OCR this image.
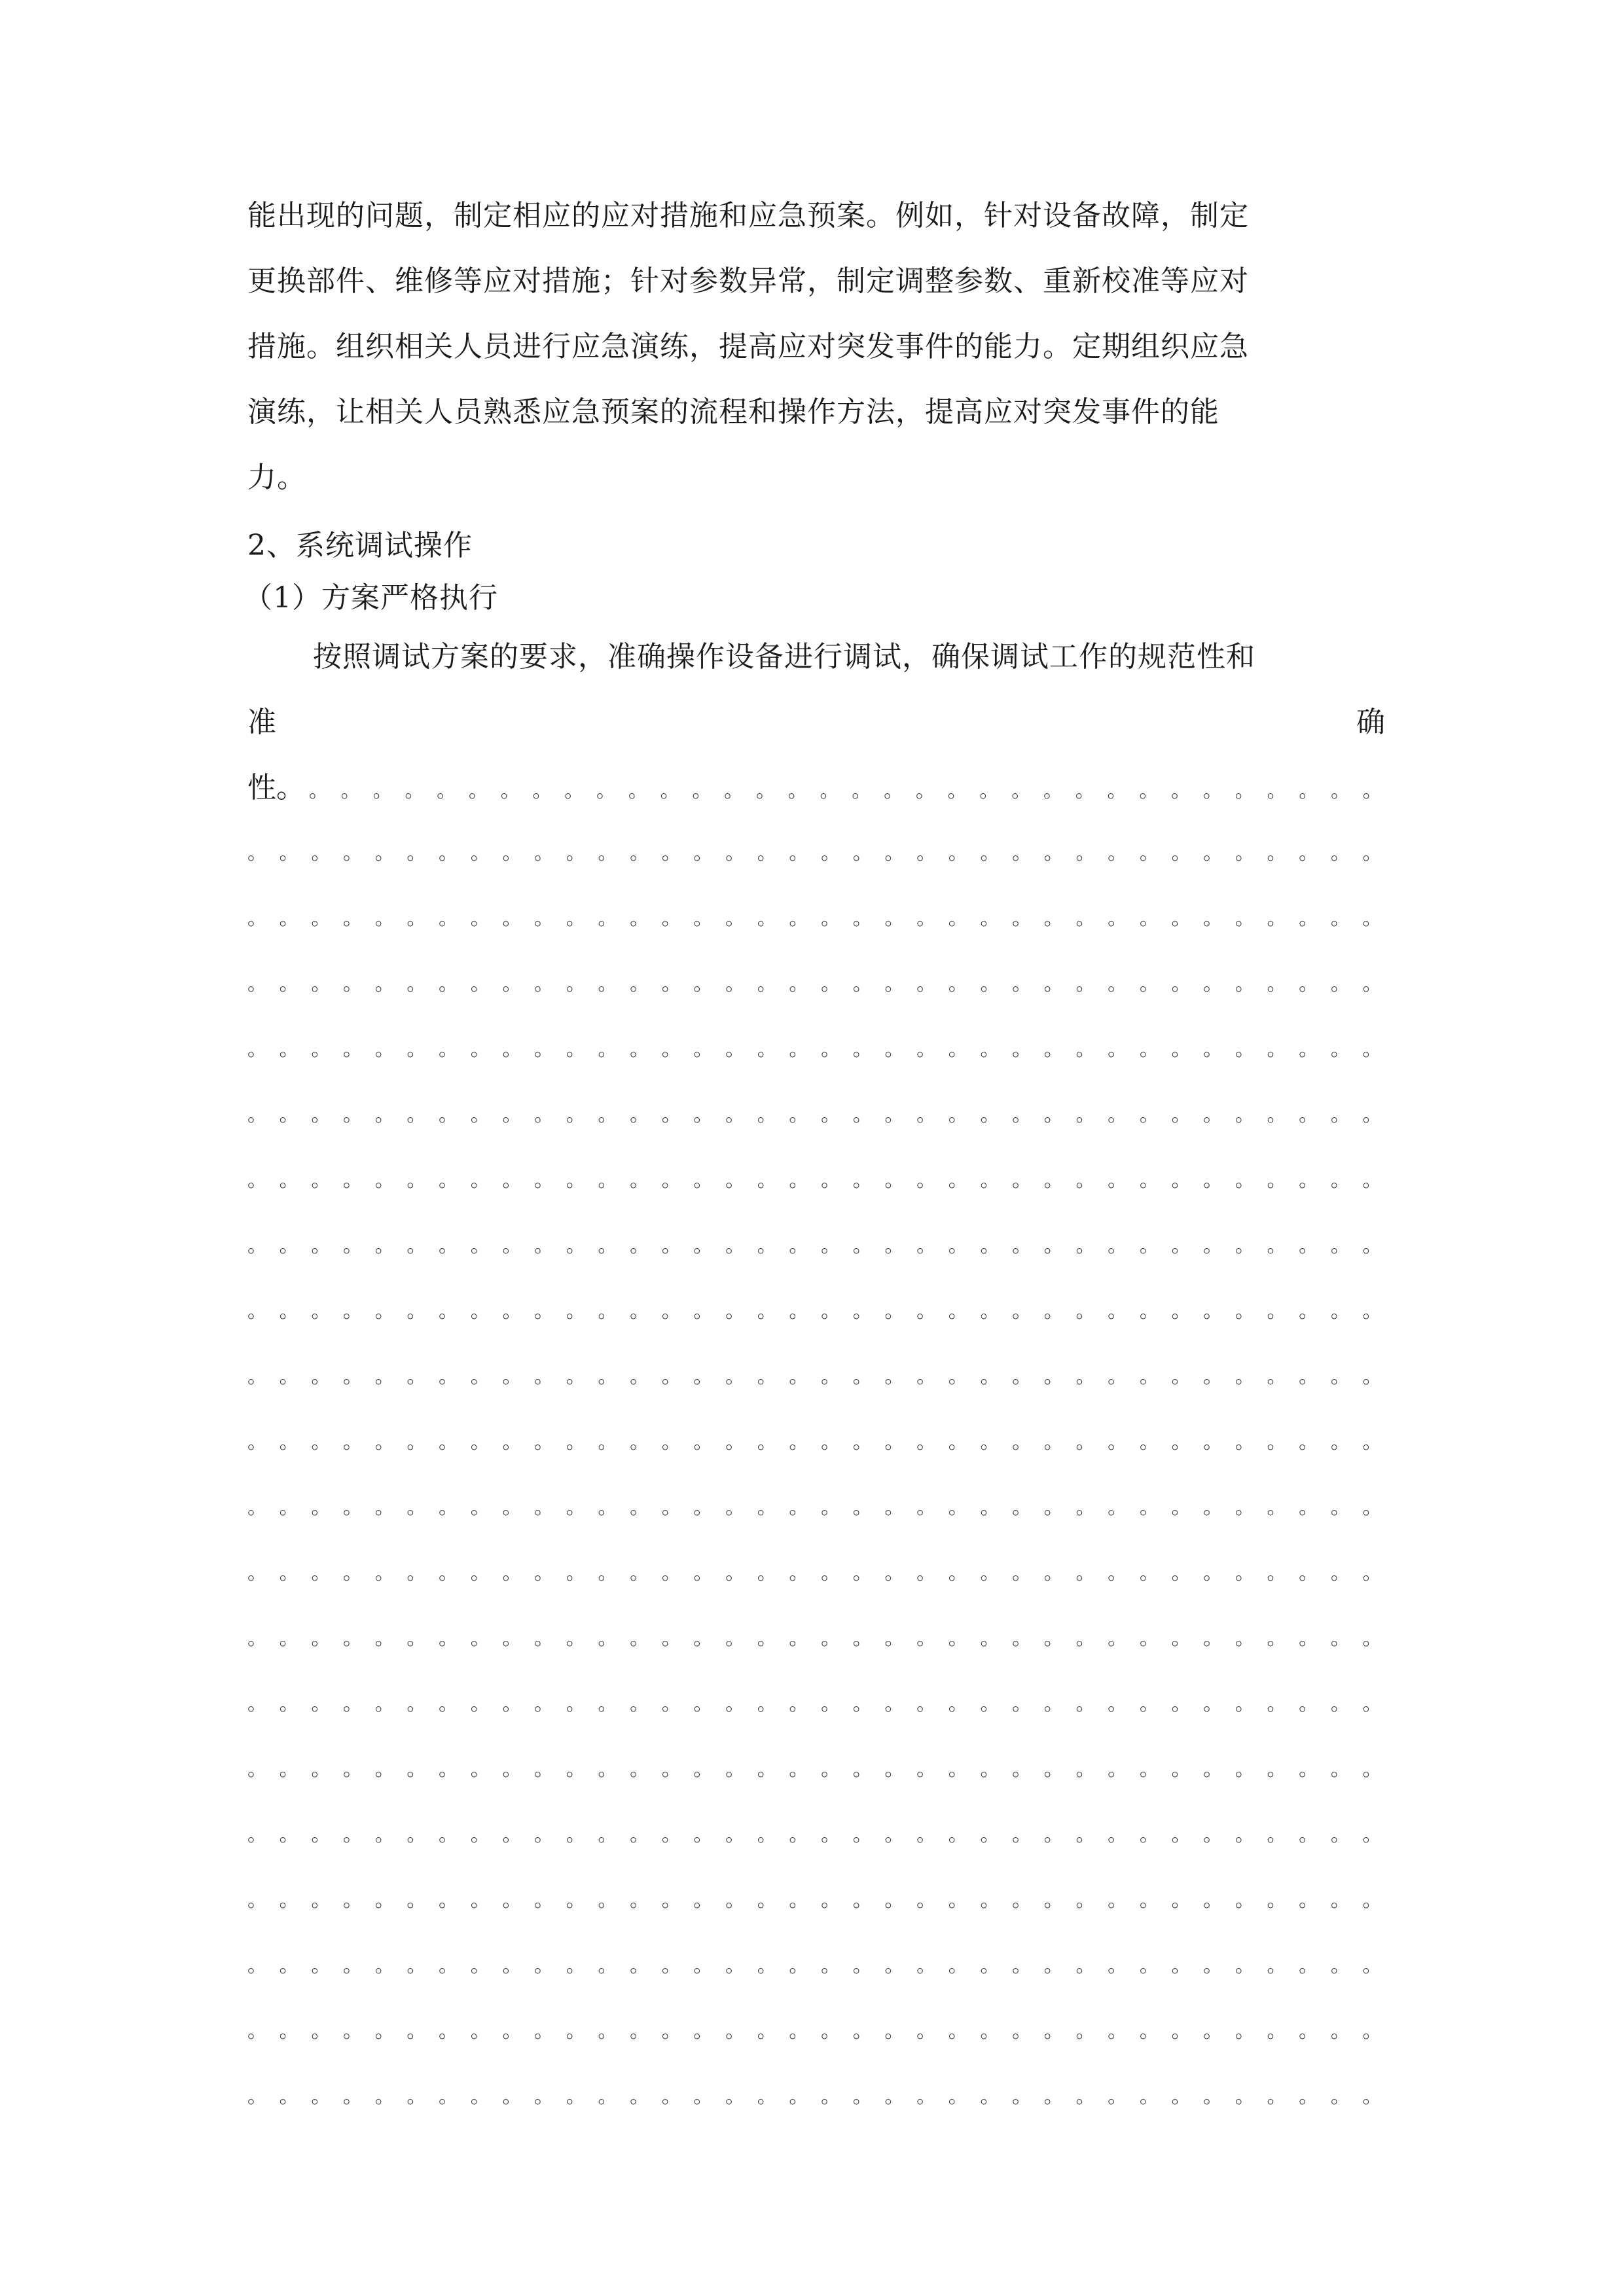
能出现的问题，制定相应的应对措施和应急预案。例如，针对设备故障，制定

更换部件、维修等应对措施；针对参数异常，制定调整参数、重新校准等应对

措施。组织相关人员进行应急演练，提高应对突发事件的能力。定期组织应急

演练，让相关人员熟悉应急预案的流程和操作方法，提高应对突发事件的能

力。

2、系统调试操作

（1）方案严格执行

按照调试方案的要求，准确操作设备进行调试，确保调试工作的规范性和

准	确
性。 。 。 。 。 。 。 。 。 。 。 。 。 。 。 。 。 。 。 。 。 。 。 。 。 。 。 。 。 。 。 。 。 。 。
。 。 。 。 。 。 。 。 。 。 。 。 。 。 。 。 。 。 。 。 。 。 。 。 。 。 。 。 。 。 。 。 。 。 。 。
。 。 。 。 。 。 。 。 。 。 。 。 。 。 。 。 。 。 。 。 。 。 。 。 。 。 。 。 。 。 。 。 。 。 。 。
。 。 。 。 。 。 。 。 。 。 。 。 。 。 。 。 。 。 。 。 。 。 。 。 。 。 。 。 。 。 。 。 。 。 。 。
。 。 。 。 。 。 。 。 。 。 。 。 。 。 。 。 。 。 。 。 。 。 。 。 。 。 。 。 。 。 。 。 。 。 。 。
。 。 。 。 。 。 。 。 。 。 。 。 。 。 。 。 。 。 。 。 。 。 。 。 。 。 。 。 。 。 。 。 。 。 。 。
。 。 。 。 。 。 。 。 。 。 。 。 。 。 。 。 。 。 。 。 。 。 。 。 。 。 。 。 。 。 。 。 。 。 。 。
。 。 。 。 。 。 。 。 。 。 。 。 。 。 。 。 。 。 。 。 。 。 。 。 。 。 。 。 。 。 。 。 。 。 。 。
。 。 。 。 。 。 。 。 。 。 。 。 。 。 。 。 。 。 。 。 。 。 。 。 。 。 。 。 。 。 。 。 。 。 。 。
。 。 。 。 。 。 。 。 。 。 。 。 。 。 。 。 。 。 。 。 。 。 。 。 。 。 。 。 。 。 。 。 。 。 。 。
。 。 。 。 。 。 。 。 。 。 。 。 。 。 。 。 。 。 。 。 。 。 。 。 。 。 。 。 。 。 。 。 。 。 。 。
。 。 。 。 。 。 。 。 。 。 。 。 。 。 。 。 。 。 。 。 。 。 。 。 。 。 。 。 。 。 。 。 。 。 。 。
。 。 。 。 。 。 。 。 。 。 。 。 。 。 。 。 。 。 。 。 。 。 。 。 。 。 。 。 。 。 。 。 。 。 。 。
。 。 。 。 。 。 。 。 。 。 。 。 。 。 。 。 。 。 。 。 。 。 。 。 。 。 。 。 。 。 。 。 。 。 。 。
。 。 。 。 。 。 。 。 。 。 。 。 。 。 。 。 。 。 。 。 。 。 。 。 。 。 。 。 。 。 。 。 。 。 。 。
。 。 。 。 。 。 。 。 。 。 。 。 。 。 。 。 。 。 。 。 。 。 。 。 。 。 。 。 。 。 。 。 。 。 。 。
。 。 。 。 。 。 。 。 。 。 。 。 。 。 。 。 。 。 。 。 。 。 。 。 。 。 。 。 。 。 。 。 。 。 。 。
。 。 。 。 。 。 。 。 。 。 。 。 。 。 。 。 。 。 。 。 。 。 。 。 。 。 。 。 。 。 。 。 。 。 。 。
。 。 。 。 。 。 。 。 。 。 。 。 。 。 。 。 。 。 。 。 。 。 。 。 。 。 。 。 。 。 。 。 。 。 。 。
。 。 。 。 。 。 。 。 。 。 。 。 。 。 。 。 。 。 。 。 。 。 。 。 。 。 。 。 。 。 。 。 。 。 。 。
。 。 。 。 。 。 。 。 。 。 。 。 。 。 。 。 。 。 。 。 。 。 。 。 。 。 。 。 。 。 。 。 。 。 。 。
